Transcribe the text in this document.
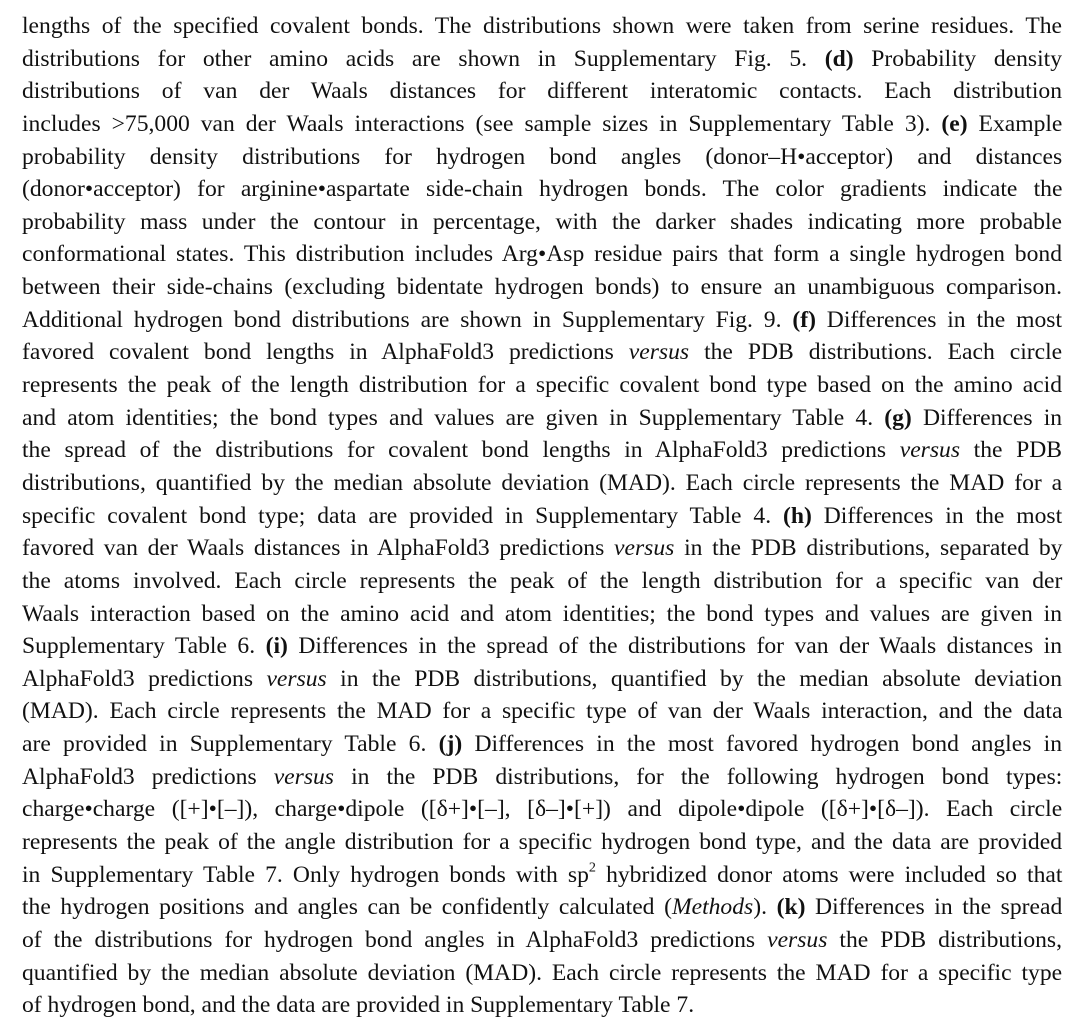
lengths of the specified covalent bonds. The distributions shown were taken from serine residues. The
distributions for other amino acids are shown in Supplementary Fig. 5. (d) Probability density
distributions of van der Waals distances for different interatomic contacts. Each distribution
includes >75,000 van der Waals interactions (see sample sizes in Supplementary Table 3). (e) Example
probability density distributions for hydrogen bond angles (donor–H•acceptor) and distances
(donor•acceptor) for arginine•aspartate side-chain hydrogen bonds. The color gradients indicate the
probability mass under the contour in percentage, with the darker shades indicating more probable
conformational states. This distribution includes Arg•Asp residue pairs that form a single hydrogen bond
between their side-chains (excluding bidentate hydrogen bonds) to ensure an unambiguous comparison.
Additional hydrogen bond distributions are shown in Supplementary Fig. 9. (f) Differences in the most
favored covalent bond lengths in AlphaFold3 predictions versus the PDB distributions. Each circle
represents the peak of the length distribution for a specific covalent bond type based on the amino acid
and atom identities; the bond types and values are given in Supplementary Table 4. (g) Differences in
the spread of the distributions for covalent bond lengths in AlphaFold3 predictions versus the PDB
distributions, quantified by the median absolute deviation (MAD). Each circle represents the MAD for a
specific covalent bond type; data are provided in Supplementary Table 4. (h) Differences in the most
favored van der Waals distances in AlphaFold3 predictions versus in the PDB distributions, separated by
the atoms involved. Each circle represents the peak of the length distribution for a specific van der
Waals interaction based on the amino acid and atom identities; the bond types and values are given in
Supplementary Table 6. (i) Differences in the spread of the distributions for van der Waals distances in
AlphaFold3 predictions versus in the PDB distributions, quantified by the median absolute deviation
(MAD). Each circle represents the MAD for a specific type of van der Waals interaction, and the data
are provided in Supplementary Table 6. (j) Differences in the most favored hydrogen bond angles in
AlphaFold3 predictions versus in the PDB distributions, for the following hydrogen bond types:
charge•charge ([+]•[–]), charge•dipole ([δ+]•[–], [δ–]•[+]) and dipole•dipole ([δ+]•[δ–]). Each circle
represents the peak of the angle distribution for a specific hydrogen bond type, and the data are provided
in Supplementary Table 7. Only hydrogen bonds with $sp^2$ hybridized donor atoms were included so that
the hydrogen positions and angles can be confidently calculated (Methods). (k) Differences in the spread
of the distributions for hydrogen bond angles in AlphaFold3 predictions versus the PDB distributions,
quantified by the median absolute deviation (MAD). Each circle represents the MAD for a specific type
of hydrogen bond, and the data are provided in Supplementary Table 7.
